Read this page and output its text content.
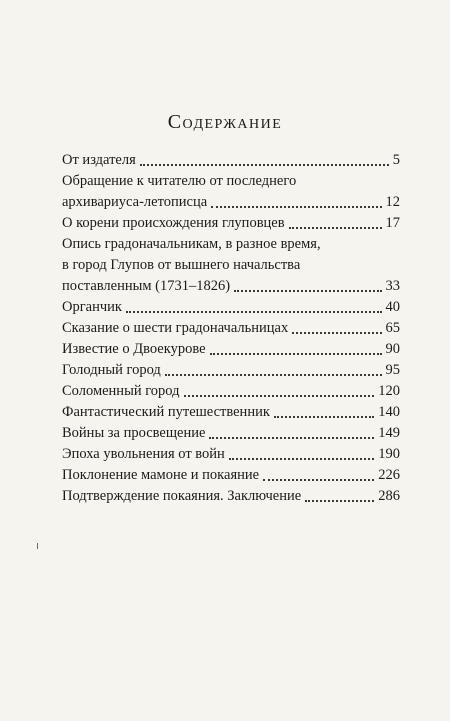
Содержание
От издателя	5
Обращение к читателю от последнего
архивариуса-летописца	12
О корени происхождения глуповцев	17
Опись градоначальникам, в разное время,
в город Глупов от вышнего начальства
поставленным (1731–1826)	33
Органчик	40
Сказание о шести градоначальницах	65
Известие о Двоекурове	90
Голодный город	95
Соломенный город	120
Фантастический путешественник	140
Войны за просвещение	149
Эпоха увольнения от войн	190
Поклонение мамоне и покаяние	226
Подтверждение покаяния. Заключение	286
